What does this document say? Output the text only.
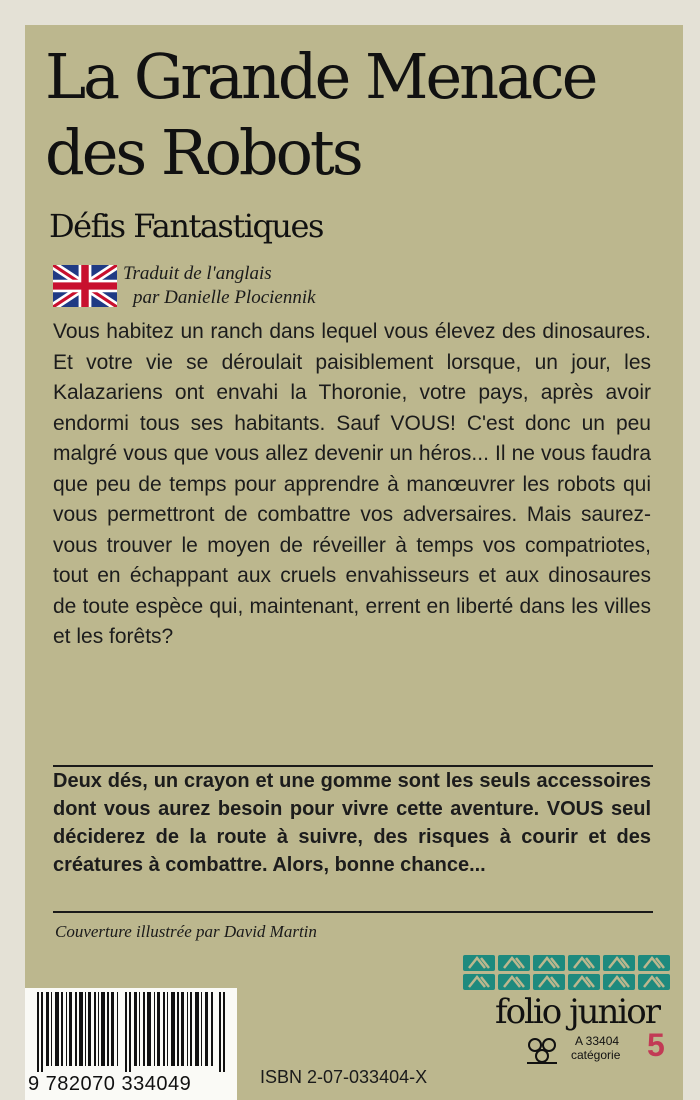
La Grande Menace
des Robots
Défis Fantastiques
Traduit de l'anglais
par Danielle Plociennik

Vous habitez un ranch dans lequel vous élevez des dinosaures. Et votre vie se déroulait paisiblement lorsque, un jour, les Kalazariens ont envahi la Thoronie, votre pays, après avoir endormi tous ses habitants. Sauf VOUS! C'est donc un peu malgré vous que vous allez devenir un héros... Il ne vous faudra que peu de temps pour apprendre à manœuvrer les robots qui vous permettront de combattre vos adversaires. Mais saurez-vous trouver le moyen de réveiller à temps vos compatriotes, tout en échappant aux cruels envahisseurs et aux dinosaures de toute espèce qui, maintenant, errent en liberté dans les villes et les forêts?

Deux dés, un crayon et une gomme sont les seuls accessoires dont vous aurez besoin pour vivre cette aventure. VOUS seul déciderez de la route à suivre, des risques à courir et des créatures à combattre. Alors, bonne chance...

Couverture illustrée par David Martin
folio junior
A 33404
catégorie 5
ISBN 2-07-033404-X
9 782070 334049
